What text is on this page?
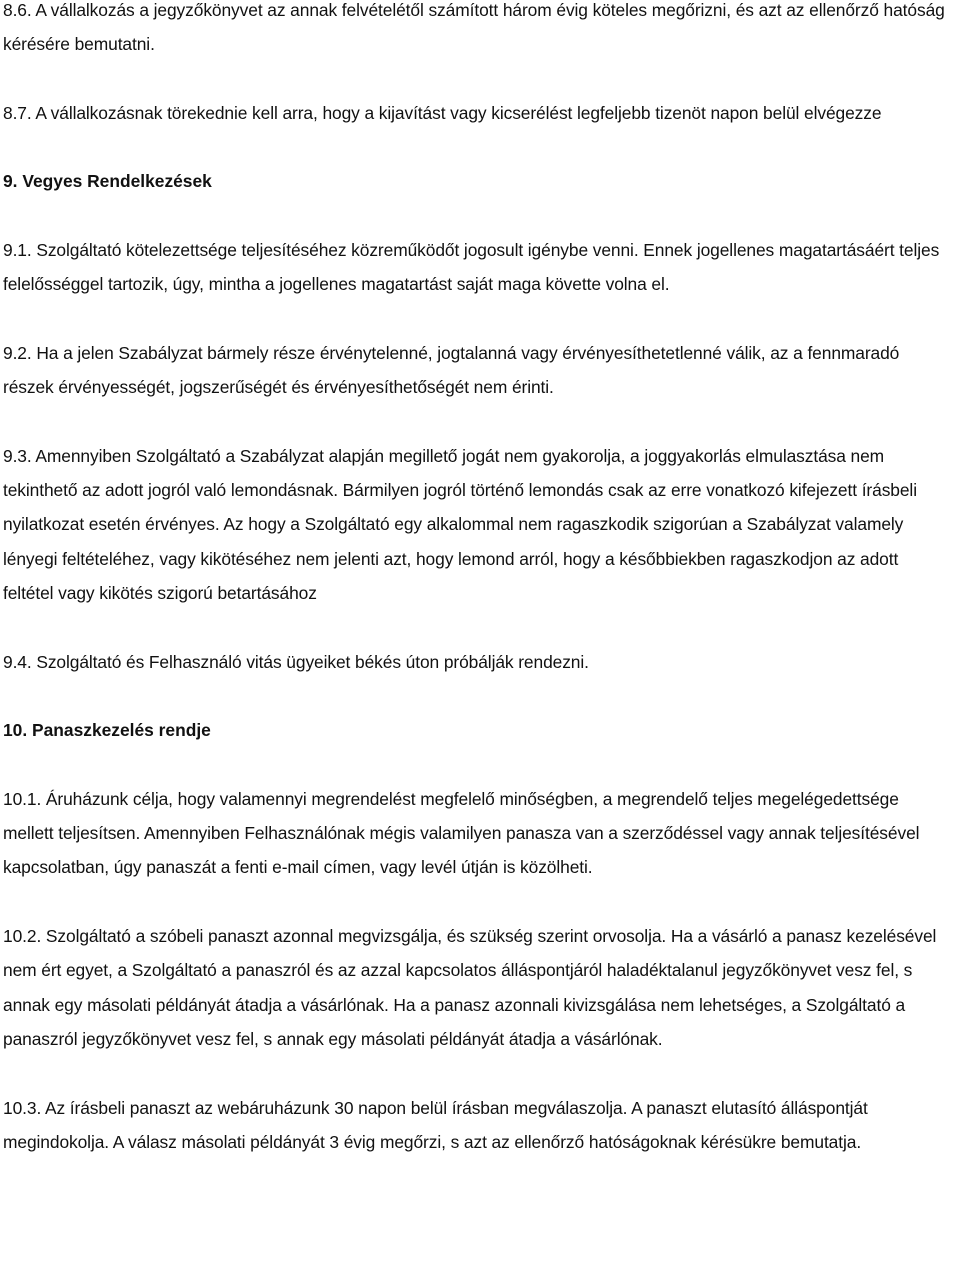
8.6. A vállalkozás a jegyzőkönyvet az annak felvételétől számított három évig köteles megőrizni, és azt az ellenőrző hatóság kérésére bemutatni.

8.7. A vállalkozásnak törekednie kell arra, hogy a kijavítást vagy kicserélést legfeljebb tizenöt napon belül elvégezze

9. Vegyes Rendelkezések

9.1. Szolgáltató kötelezettsége teljesítéséhez közreműködőt jogosult igénybe venni. Ennek jogellenes magatartásáért teljes felelősséggel tartozik, úgy, mintha a jogellenes magatartást saját maga követte volna el.

9.2. Ha a jelen Szabályzat bármely része érvénytelenné, jogtalanná vagy érvényesíthetetlenné válik, az a fennmaradó részek érvényességét, jogszerűségét és érvényesíthetőségét nem érinti.

9.3. Amennyiben Szolgáltató a Szabályzat alapján megillető jogát nem gyakorolja, a joggyakorlás elmulasztása nem tekinthető az adott jogról való lemondásnak. Bármilyen jogról történő lemondás csak az erre vonatkozó kifejezett írásbeli nyilatkozat esetén érvényes. Az hogy a Szolgáltató egy alkalommal nem ragaszkodik szigorúan a Szabályzat valamely lényegi feltételéhez, vagy kikötéséhez nem jelenti azt, hogy lemond arról, hogy a későbbiekben ragaszkodjon az adott feltétel vagy kikötés szigorú betartásához

9.4. Szolgáltató és Felhasználó vitás ügyeiket békés úton próbálják rendezni.

10. Panaszkezelés rendje

10.1. Áruházunk célja, hogy valamennyi megrendelést megfelelő minőségben, a megrendelő teljes megelégedettsége mellett teljesítsen. Amennyiben Felhasználónak mégis valamilyen panasza van a szerződéssel vagy annak teljesítésével kapcsolatban, úgy panaszát a fenti e-mail címen, vagy levél útján is közölheti.

10.2. Szolgáltató a szóbeli panaszt azonnal megvizsgálja, és szükség szerint orvosolja. Ha a vásárló a panasz kezelésével nem ért egyet, a Szolgáltató a panaszról és az azzal kapcsolatos álláspontjáról haladéktalanul jegyzőkönyvet vesz fel, s annak egy másolati példányát átadja a vásárlónak. Ha a panasz azonnali kivizsgálása nem lehetséges, a Szolgáltató a panaszról jegyzőkönyvet vesz fel, s annak egy másolati példányát átadja a vásárlónak.

10.3. Az írásbeli panaszt az webáruházunk 30 napon belül írásban megválaszolja. A panaszt elutasító álláspontját megindokolja. A válasz másolati példányát 3 évig megőrzi, s azt az ellenőrző hatóságoknak kérésükre bemutatja.
